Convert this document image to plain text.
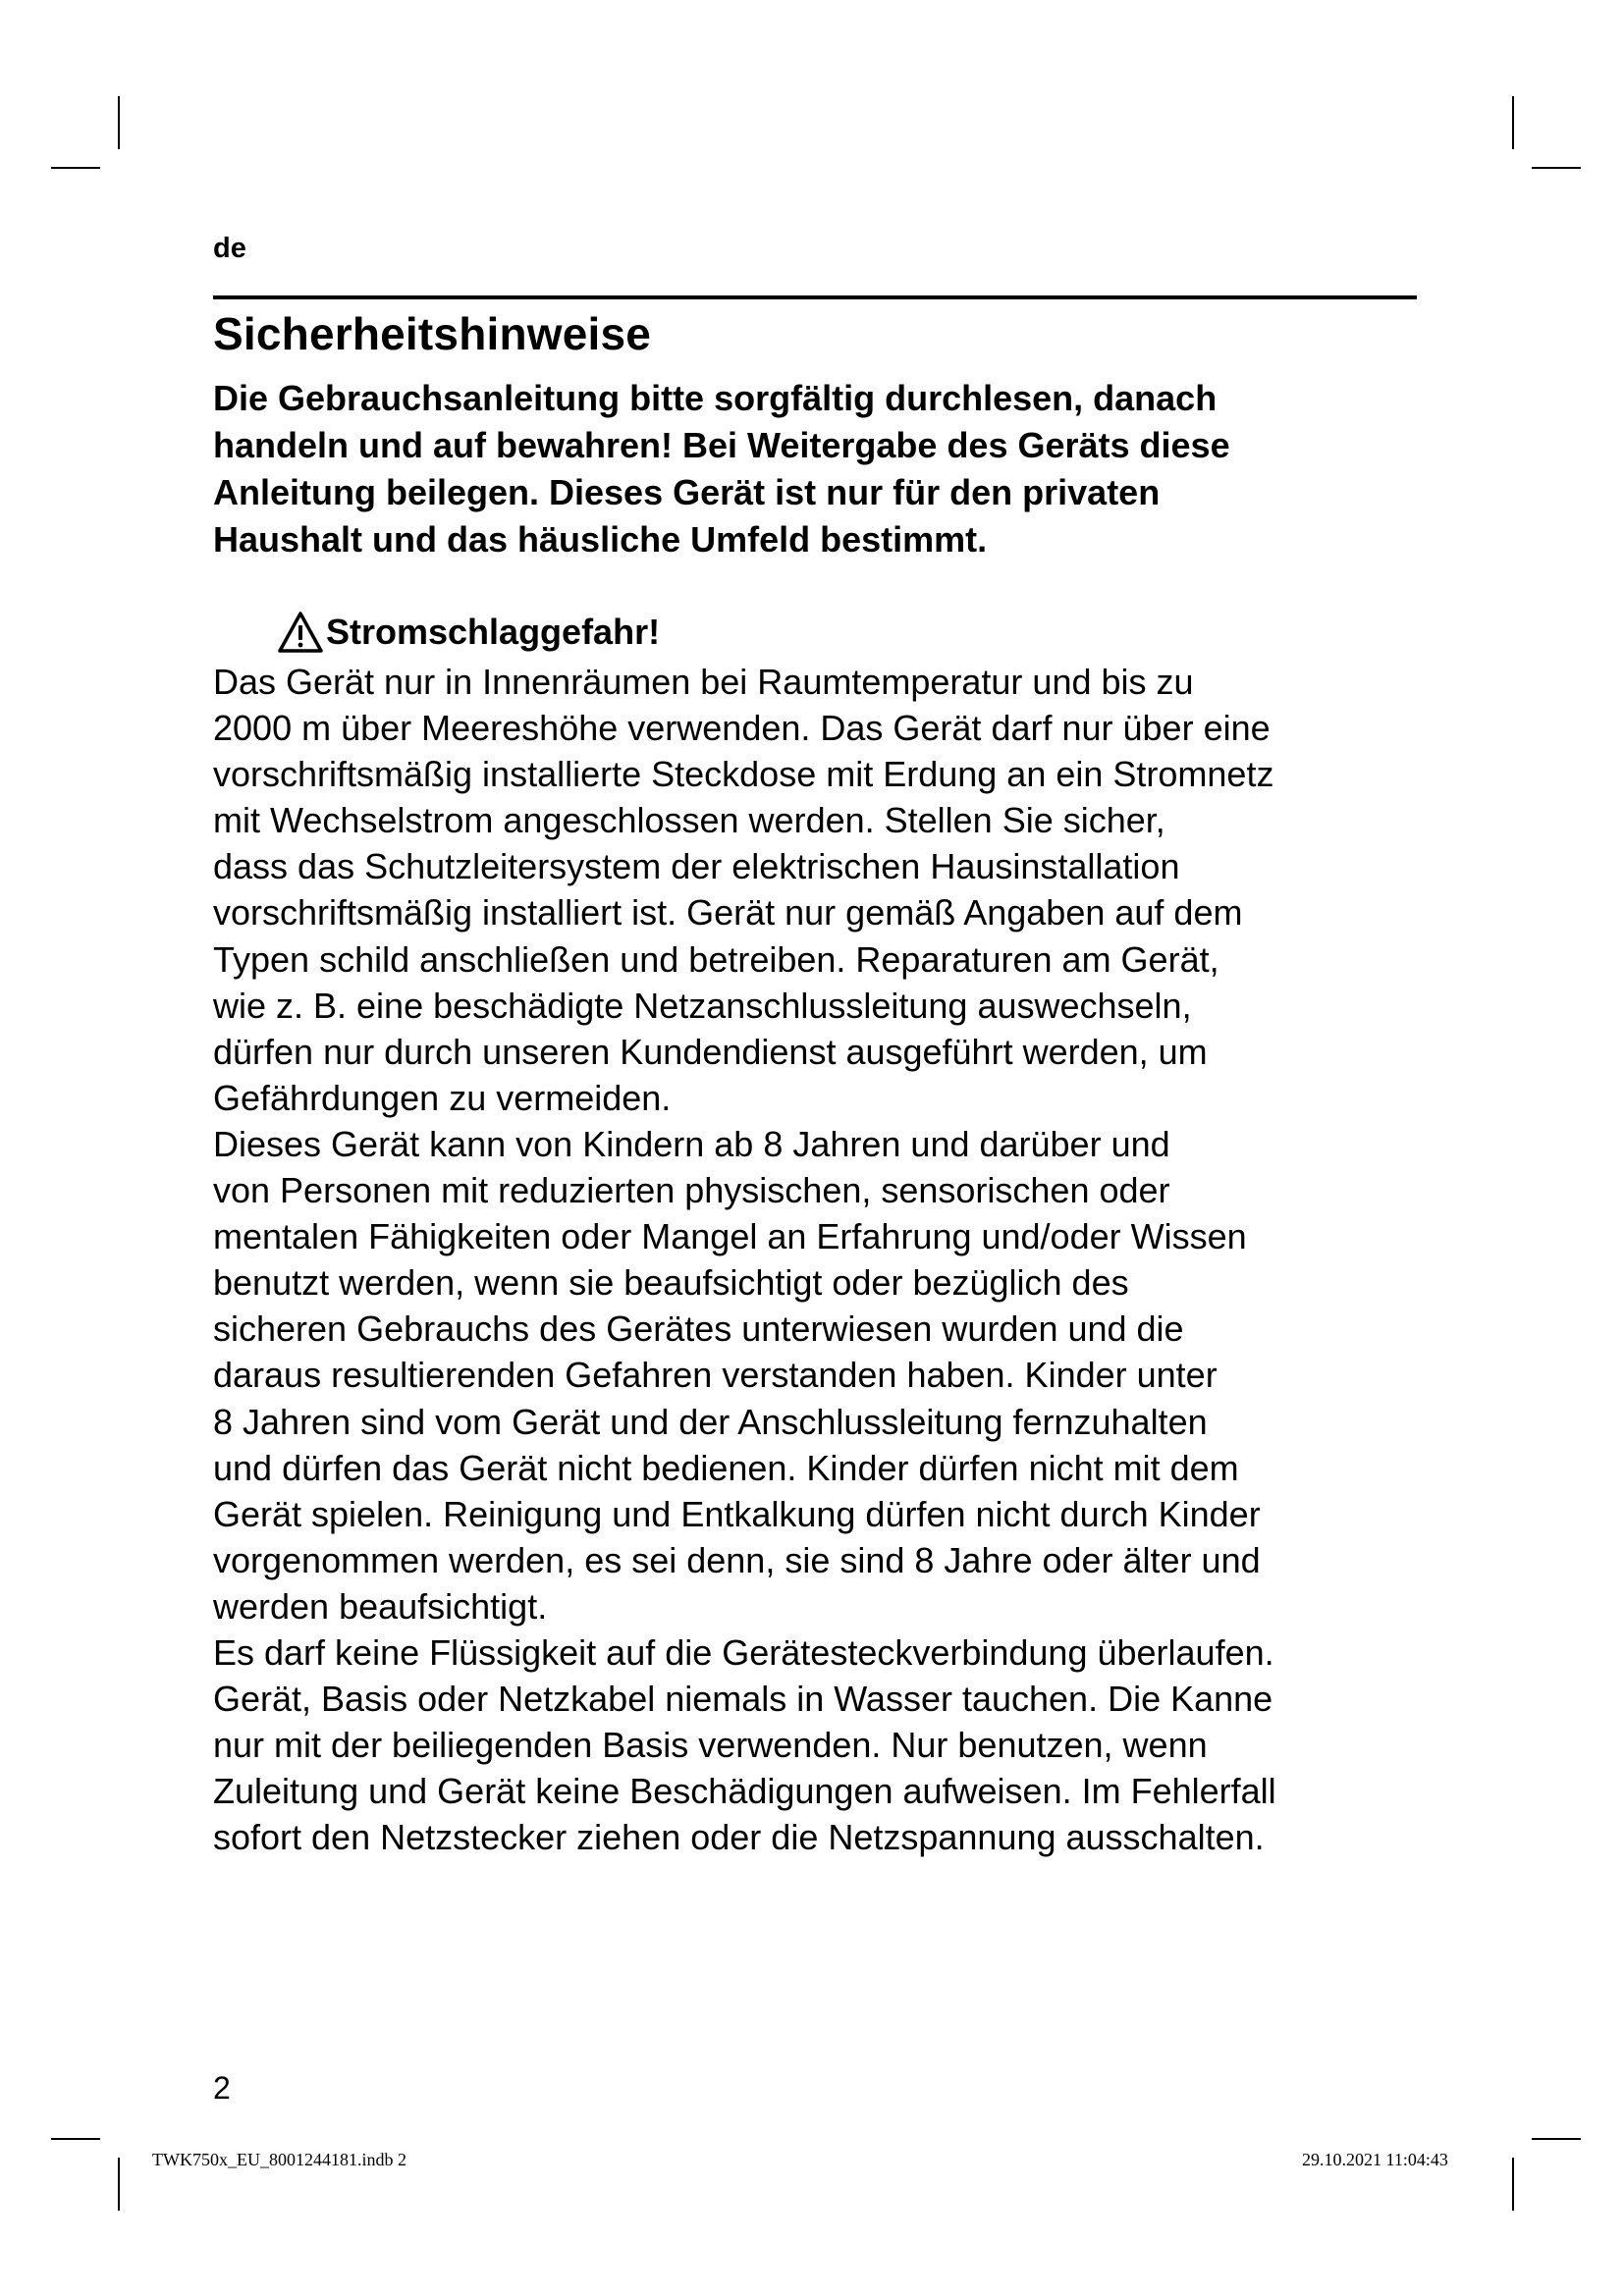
de
Sicherheitshinweise
Die Gebrauchsanleitung bitte sorgfältig durchlesen, danach
handeln und auf bewahren! Bei Weitergabe des Geräts diese
Anleitung beilegen. Dieses Gerät ist nur für den privaten
Haushalt und das häusliche Umfeld bestimmt.
Stromschlaggefahr!
Das Gerät nur in Innenräumen bei Raumtemperatur und bis zu
2000 m über Meereshöhe verwenden. Das Gerät darf nur über eine
vorschriftsmäßig installierte Steckdose mit Erdung an ein Stromnetz
mit Wechselstrom angeschlossen werden. Stellen Sie sicher,
dass das Schutzleitersystem der elektrischen Hausinstallation
vorschriftsmäßig installiert ist. Gerät nur gemäß Angaben auf dem
Typen schild anschließen und betreiben. Reparaturen am Gerät,
wie z. B. eine beschädigte Netzanschlussleitung auswechseln,
dürfen nur durch unseren Kundendienst ausgeführt werden, um
Gefährdungen zu vermeiden.
Dieses Gerät kann von Kindern ab 8 Jahren und darüber und
von Personen mit reduzierten physischen, sensorischen oder
mentalen Fähigkeiten oder Mangel an Erfahrung und/oder Wissen
benutzt werden, wenn sie beaufsichtigt oder bezüglich des
sicheren Gebrauchs des Gerätes unterwiesen wurden und die
daraus resultierenden Gefahren verstanden haben. Kinder unter
8 Jahren sind vom Gerät und der Anschlussleitung fernzuhalten
und dürfen das Gerät nicht bedienen. Kinder dürfen nicht mit dem
Gerät spielen. Reinigung und Entkalkung dürfen nicht durch Kinder
vorgenommen werden, es sei denn, sie sind 8 Jahre oder älter und
werden beaufsichtigt.
Es darf keine Flüssigkeit auf die Gerätesteckverbindung überlaufen.
Gerät, Basis oder Netzkabel niemals in Wasser tauchen. Die Kanne
nur mit der beiliegenden Basis verwenden. Nur benutzen, wenn
Zuleitung und Gerät keine Beschädigungen aufweisen. Im Fehlerfall
sofort den Netzstecker ziehen oder die Netzspannung ausschalten.
2
TWK750x_EU_8001244181.indb 2	29.10.2021 11:04:43
